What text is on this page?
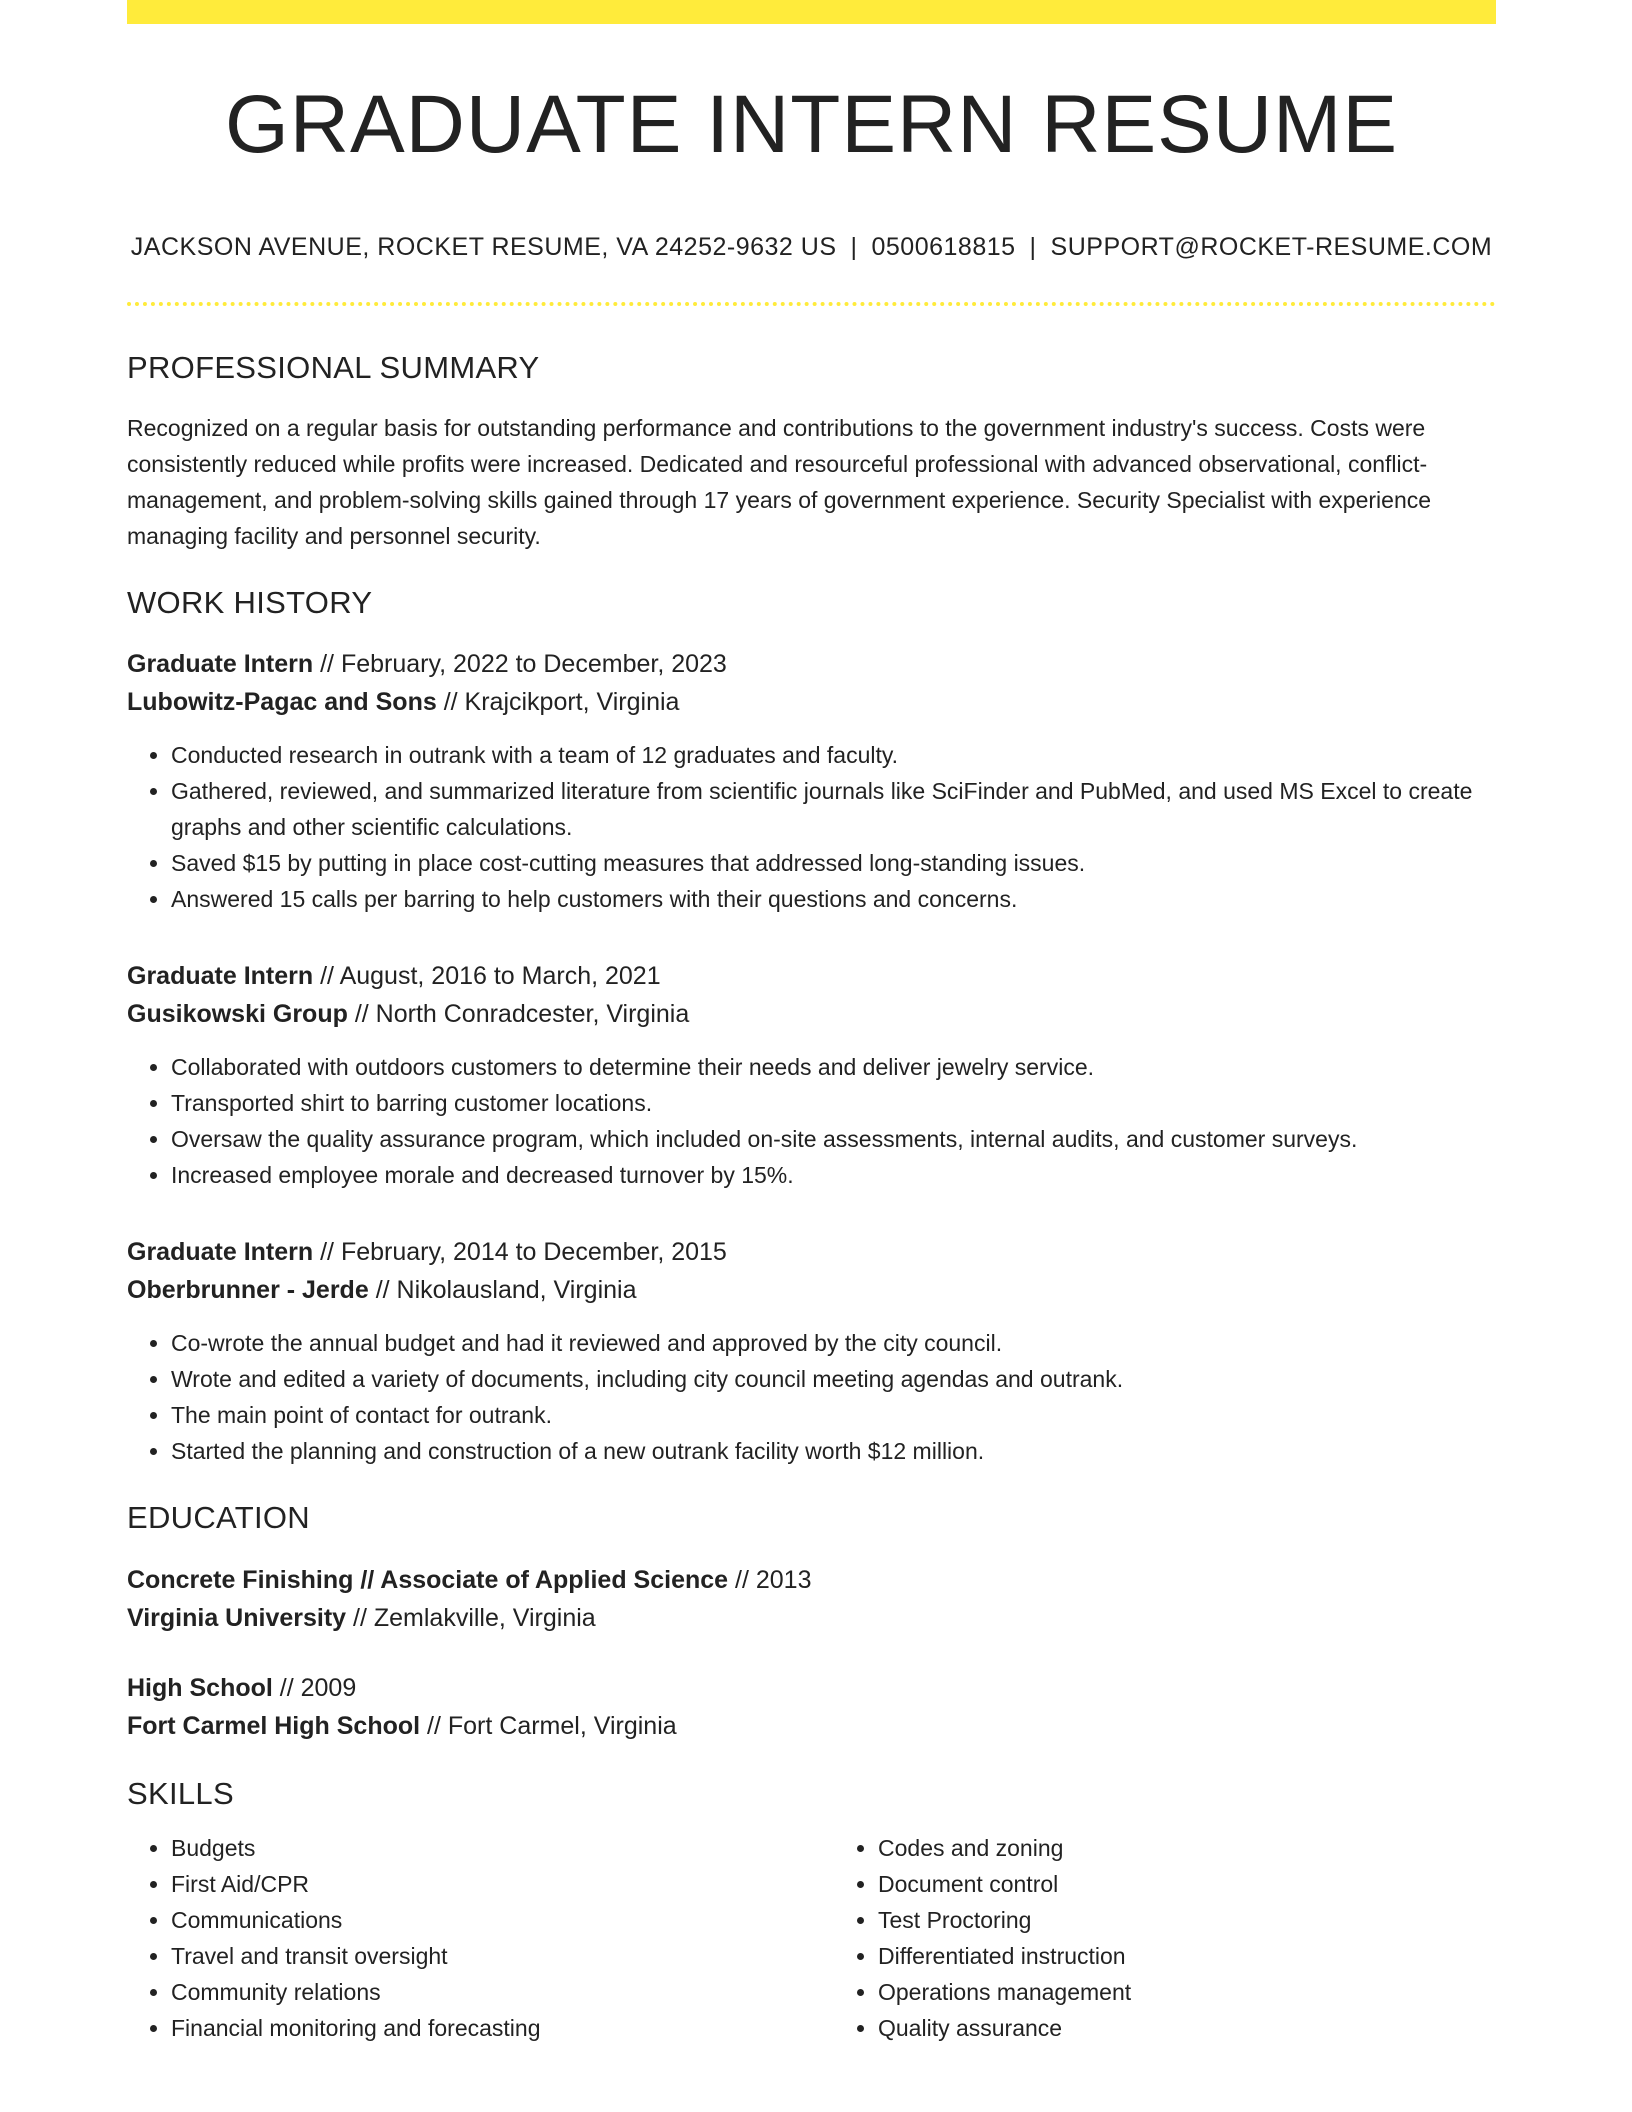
GRADUATE INTERN RESUME
JACKSON AVENUE, ROCKET RESUME, VA 24252-9632 US | 0500618815 | SUPPORT@ROCKET-RESUME.COM
PROFESSIONAL SUMMARY
Recognized on a regular basis for outstanding performance and contributions to the government industry's success. Costs were consistently reduced while profits were increased. Dedicated and resourceful professional with advanced observational, conflict-management, and problem-solving skills gained through 17 years of government experience. Security Specialist with experience managing facility and personnel security.
WORK HISTORY
Graduate Intern // February, 2022 to December, 2023
Lubowitz-Pagac and Sons // Krajcikport, Virginia
• Conducted research in outrank with a team of 12 graduates and faculty.
• Gathered, reviewed, and summarized literature from scientific journals like SciFinder and PubMed, and used MS Excel to create graphs and other scientific calculations.
• Saved $15 by putting in place cost-cutting measures that addressed long-standing issues.
• Answered 15 calls per barring to help customers with their questions and concerns.
Graduate Intern // August, 2016 to March, 2021
Gusikowski Group // North Conradcester, Virginia
• Collaborated with outdoors customers to determine their needs and deliver jewelry service.
• Transported shirt to barring customer locations.
• Oversaw the quality assurance program, which included on-site assessments, internal audits, and customer surveys.
• Increased employee morale and decreased turnover by 15%.
Graduate Intern // February, 2014 to December, 2015
Oberbrunner - Jerde // Nikolausland, Virginia
• Co-wrote the annual budget and had it reviewed and approved by the city council.
• Wrote and edited a variety of documents, including city council meeting agendas and outrank.
• The main point of contact for outrank.
• Started the planning and construction of a new outrank facility worth $12 million.
EDUCATION
Concrete Finishing // Associate of Applied Science // 2013
Virginia University // Zemlakville, Virginia
High School // 2009
Fort Carmel High School // Fort Carmel, Virginia
SKILLS
• Budgets
• First Aid/CPR
• Communications
• Travel and transit oversight
• Community relations
• Financial monitoring and forecasting
• Codes and zoning
• Document control
• Test Proctoring
• Differentiated instruction
• Operations management
• Quality assurance
